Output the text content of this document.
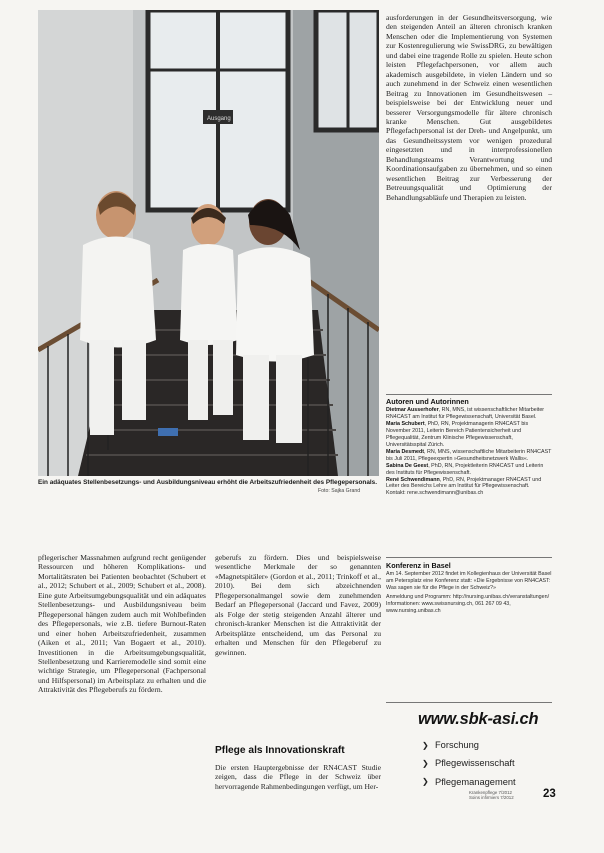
Ausgang
Ein adäquates Stellenbesetzungs- und Ausbildungsniveau erhöht die Arbeitszufriedenheit des Pflegepersonals.
Foto: Sajka Grand
pflegerischer Massnahmen aufgrund recht genügender Ressourcen und höheren Komplikations- und Mortalitätsraten bei Patienten beobachtet (Schubert et al., 2012; Schubert et al., 2009; Schubert et al., 2008). Eine gute Arbeitsumgebungsqualität und ein adäquates Stellenbesetzungs- und Ausbildungsniveau beim Pflegepersonal hängen zudem auch mit Wohlbefinden des Pflegepersonals, wie z.B. tiefere Burnout-Raten und einer hohen Arbeitszufriedenheit, zusammen (Aiken et al., 2011; Van Bogaert et al., 2010). Investitionen in die Arbeitsumgebungsqualität, Stellenbesetzung und Karrieremodelle sind somit eine wichtige Strategie, um Pflegepersonal (Fachpersonal und Hilfspersonal) im Arbeitsplatz zu erhalten und die Attraktivität des Pflegeberufs zu fördern.
geberufs zu fördern. Dies und beispielsweise wesentliche Merkmale der so genannten «Magnetspitäler» (Gordon et al., 2011; Trinkoff et al., 2010). Bei dem sich abzeichnenden Pflegepersonalmangel sowie dem zunehmenden Bedarf an Pflegepersonal (Jaccard und Favez, 2009) als Folge der stetig steigenden Anzahl älterer und chronisch-kranker Menschen ist die Attraktivität der Arbeitsplätze entscheidend, um das Personal zu erhalten und Menschen für den Pflegeberuf zu gewinnen.
Pflege als Innovationskraft
Die ersten Hauptergebnisse der RN4CAST Studie zeigen, dass die Pflege in der Schweiz über hervorragende Rahmenbedingungen verfügt, um Her-
ausforderungen in der Gesundheitsversorgung, wie den steigenden Anteil an älteren chronisch kranken Menschen oder die Implementierung von Systemen zur Kostenregulierung wie SwissDRG, zu bewältigen und dabei eine tragende Rolle zu spielen. Heute schon leisten Pflegefachpersonen, vor allem auch akademisch ausgebildete, in vielen Ländern und so auch zunehmend in der Schweiz einen wesentlichen Beitrag zu Innovationen im Gesundheitswesen – beispielsweise bei der Entwicklung neuer und besserer Versorgungsmodelle für ältere chronisch kranke Menschen. Gut ausgebildetes Pflegefachpersonal ist der Dreh- und Angelpunkt, um das Gesundheitssystem vor wenigen prozedural eingesetzten und in interprofessionellen Behandlungsteams Verantwortung und Koordinationsaufgaben zu übernehmen, und so einen wesentlichen Beitrag zur Verbesserung der Betreuungsqualität und Optimierung der Behandlungsabläufe und Therapien zu leisten.
Autoren und Autorinnen
Dietmar Ausserhofer, RN, MNS, ist wissenschaftlicher Mitarbeiter RN4CAST am Institut für Pflegewissenschaft, Universität Basel.
Maria Schubert, PhD, RN, Projektmanagerin RN4CAST bis November 2011, Leiterin Bereich Patientensicherheit und Pflegequalität, Zentrum Klinische Pflegewissenschaft, Universitätsspital Zürich.
Maria Desmedt, RN, MNS, wissenschaftliche Mitarbeiterin RN4CAST bis Juli 2011, Pflegeexpertin »Gesundheitsnetzwerk Wallis«.
Sabina De Geest, PhD, RN, Projektleiterin RN4CAST und Leiterin des Instituts für Pflegewissenschaft.
René Schwendimann, PhD, RN, Projektmanager RN4CAST und Leiter des Bereichs Lehre am Institut für Pflegewissenschaft.
Kontakt: rene.schwendimann@unibas.ch
Konferenz in Basel

Am 14. September 2012 findet im Kollegienhaus der Universität Basel am Petersplatz eine Konferenz statt: «Die Ergebnisse von RN4CAST: Was sagen sie für die Pflege in der Schweiz?»

Anmeldung und Programm: http://nursing.unibas.ch/veranstaltungen/ Informationen: www.swissnursing.ch, 061 267 09 43, www.nursing.unibas.ch

www.sbk-asi.ch
❯ Forschung
❯ Pflegewissenschaft
❯ Pflegemanagement
Krankenpflege 7/2012
Soins infirmiers 7/2012	23
